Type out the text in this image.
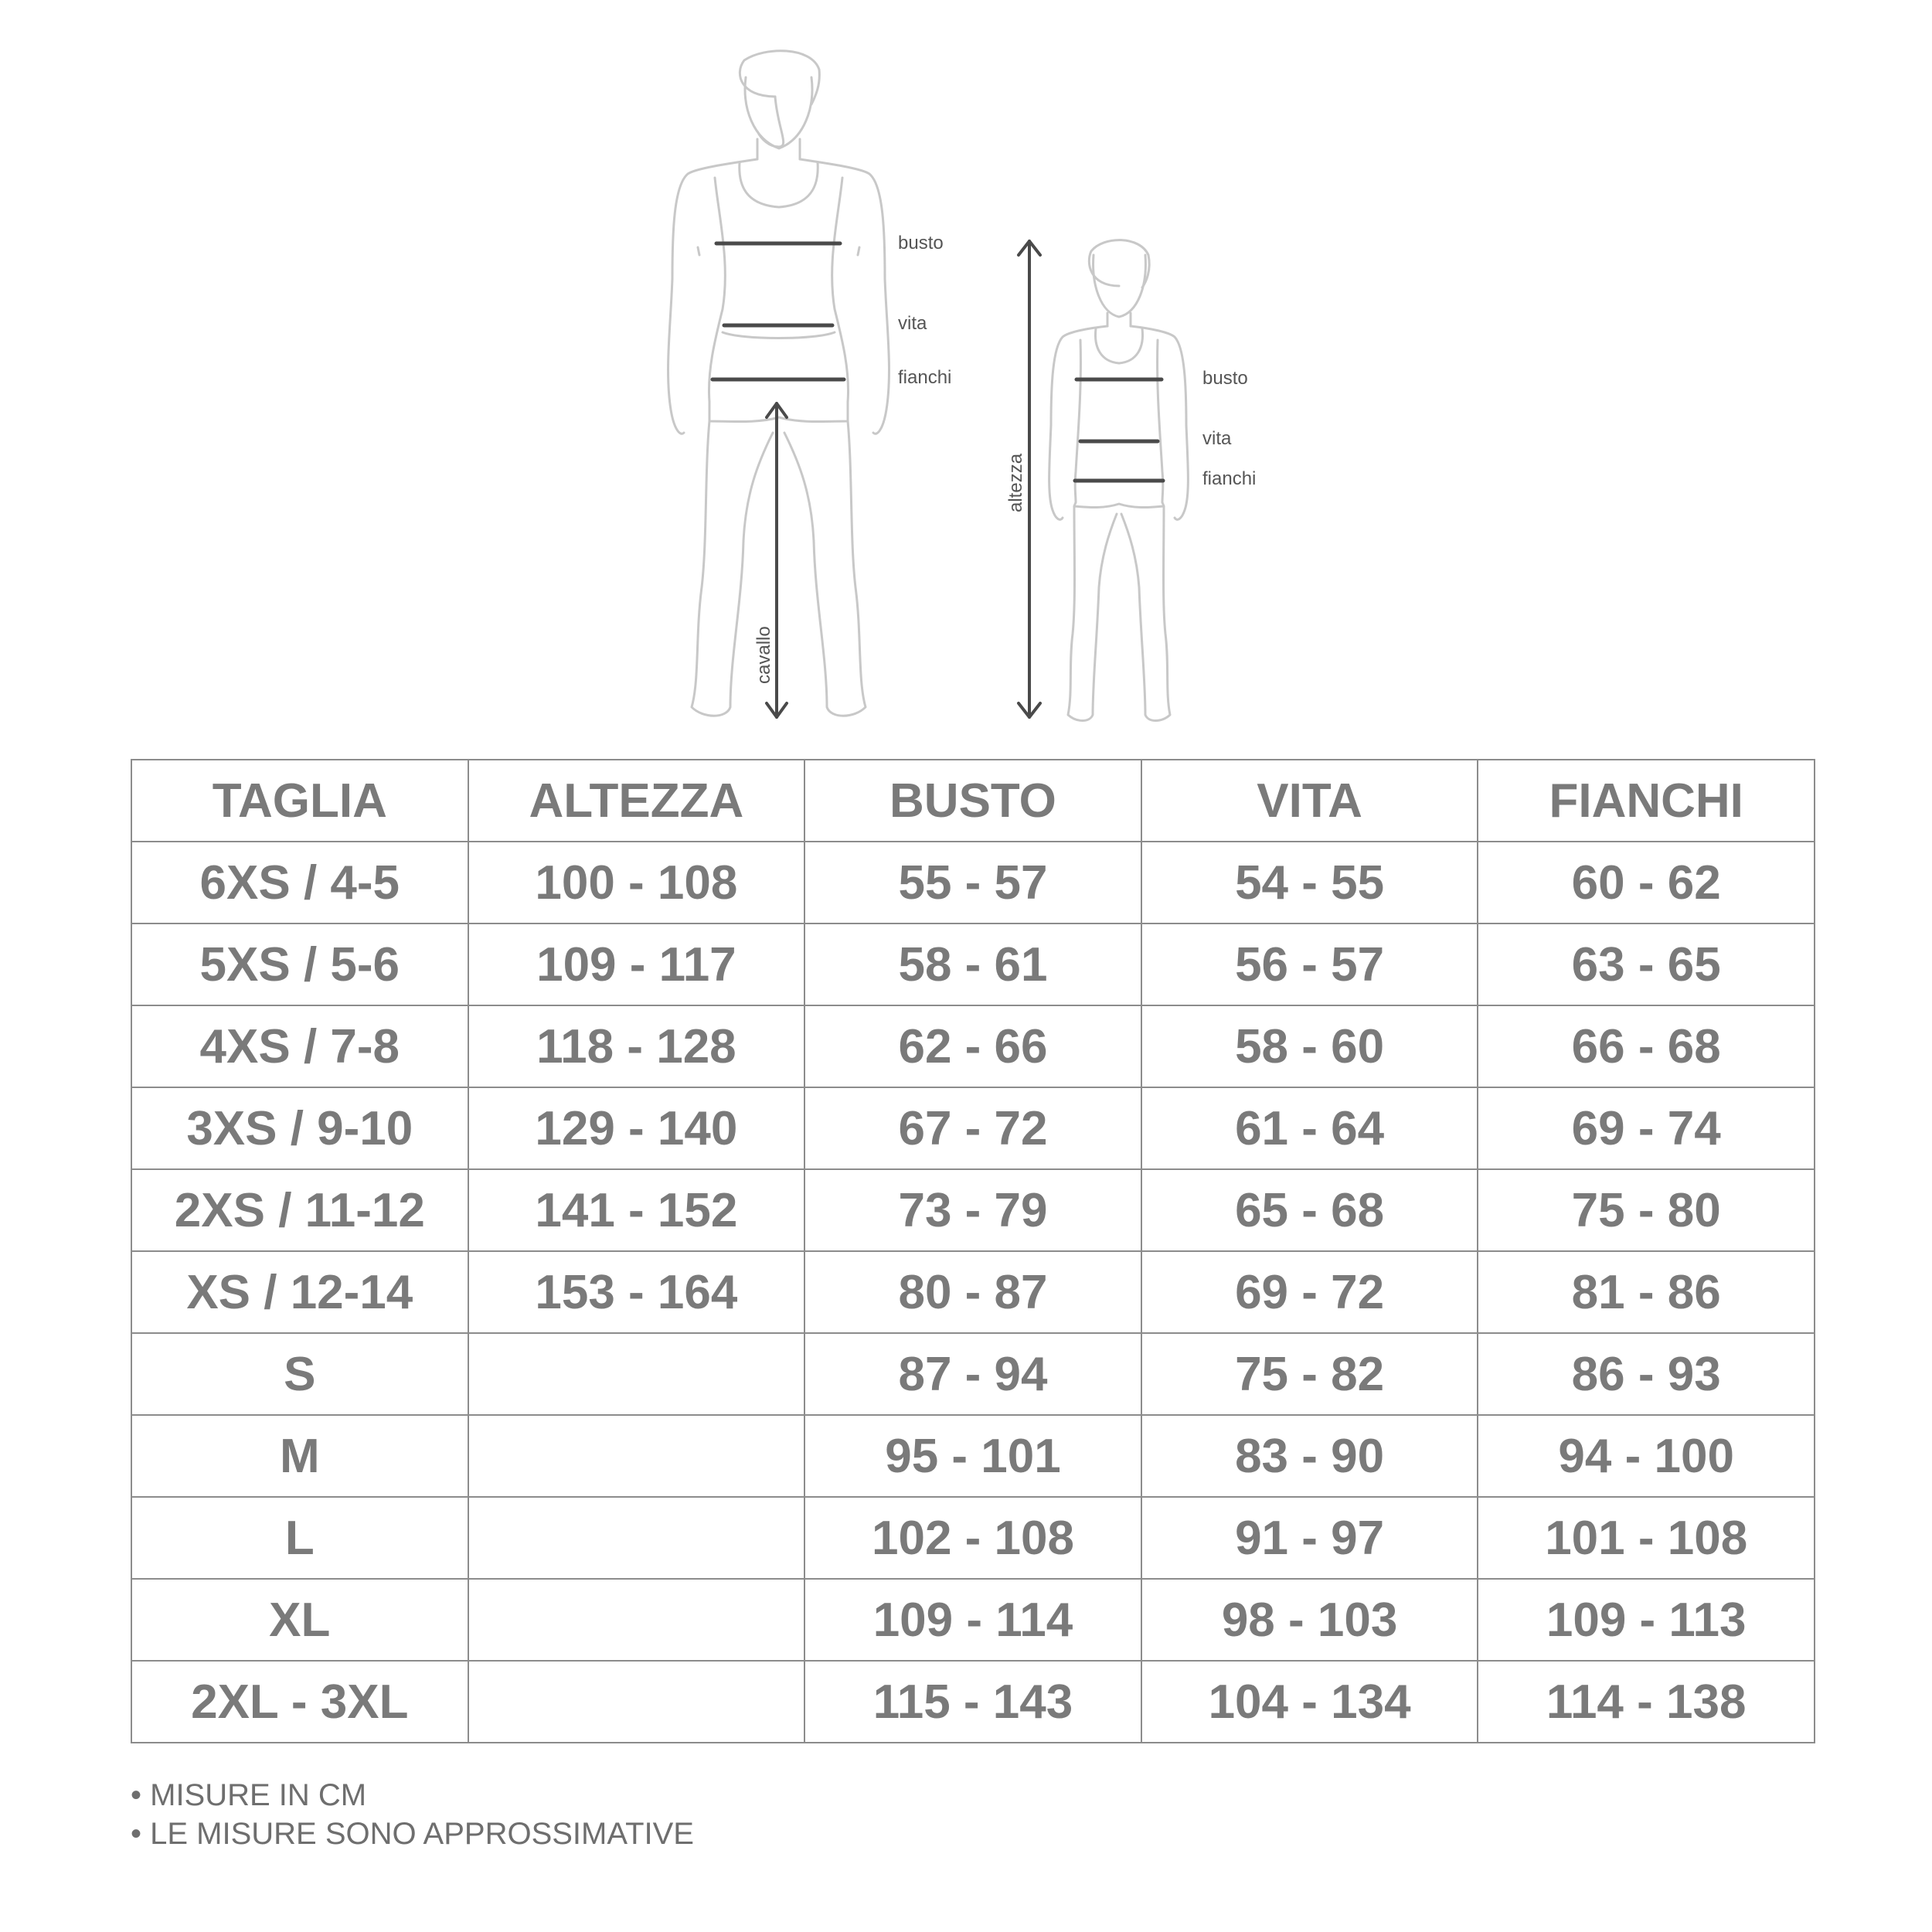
busto
vita
fianchi
cavallo
busto
vita
fianchi
altezza
TAGLIA	ALTEZZA	BUSTO	VITA	FIANCHI
6XS / 4-5	100 - 108	55 - 57	54 - 55	60 - 62
5XS / 5-6	109 - 117	58 - 61	56 - 57	63 - 65
4XS / 7-8	118 - 128	62 - 66	58 - 60	66 - 68
3XS / 9-10	129 - 140	67 - 72	61 - 64	69 - 74
2XS / 11-12	141 - 152	73 - 79	65 - 68	75 - 80
XS / 12-14	153 - 164	80 - 87	69 - 72	81 - 86
S		87 - 94	75 - 82	86 - 93
M		95 - 101	83 - 90	94 - 100
L		102 - 108	91 - 97	101 - 108
XL		109 - 114	98 - 103	109 - 113
2XL - 3XL		115 - 143	104 - 134	114 - 138
• MISURE IN CM
• LE MISURE SONO APPROSSIMATIVE
